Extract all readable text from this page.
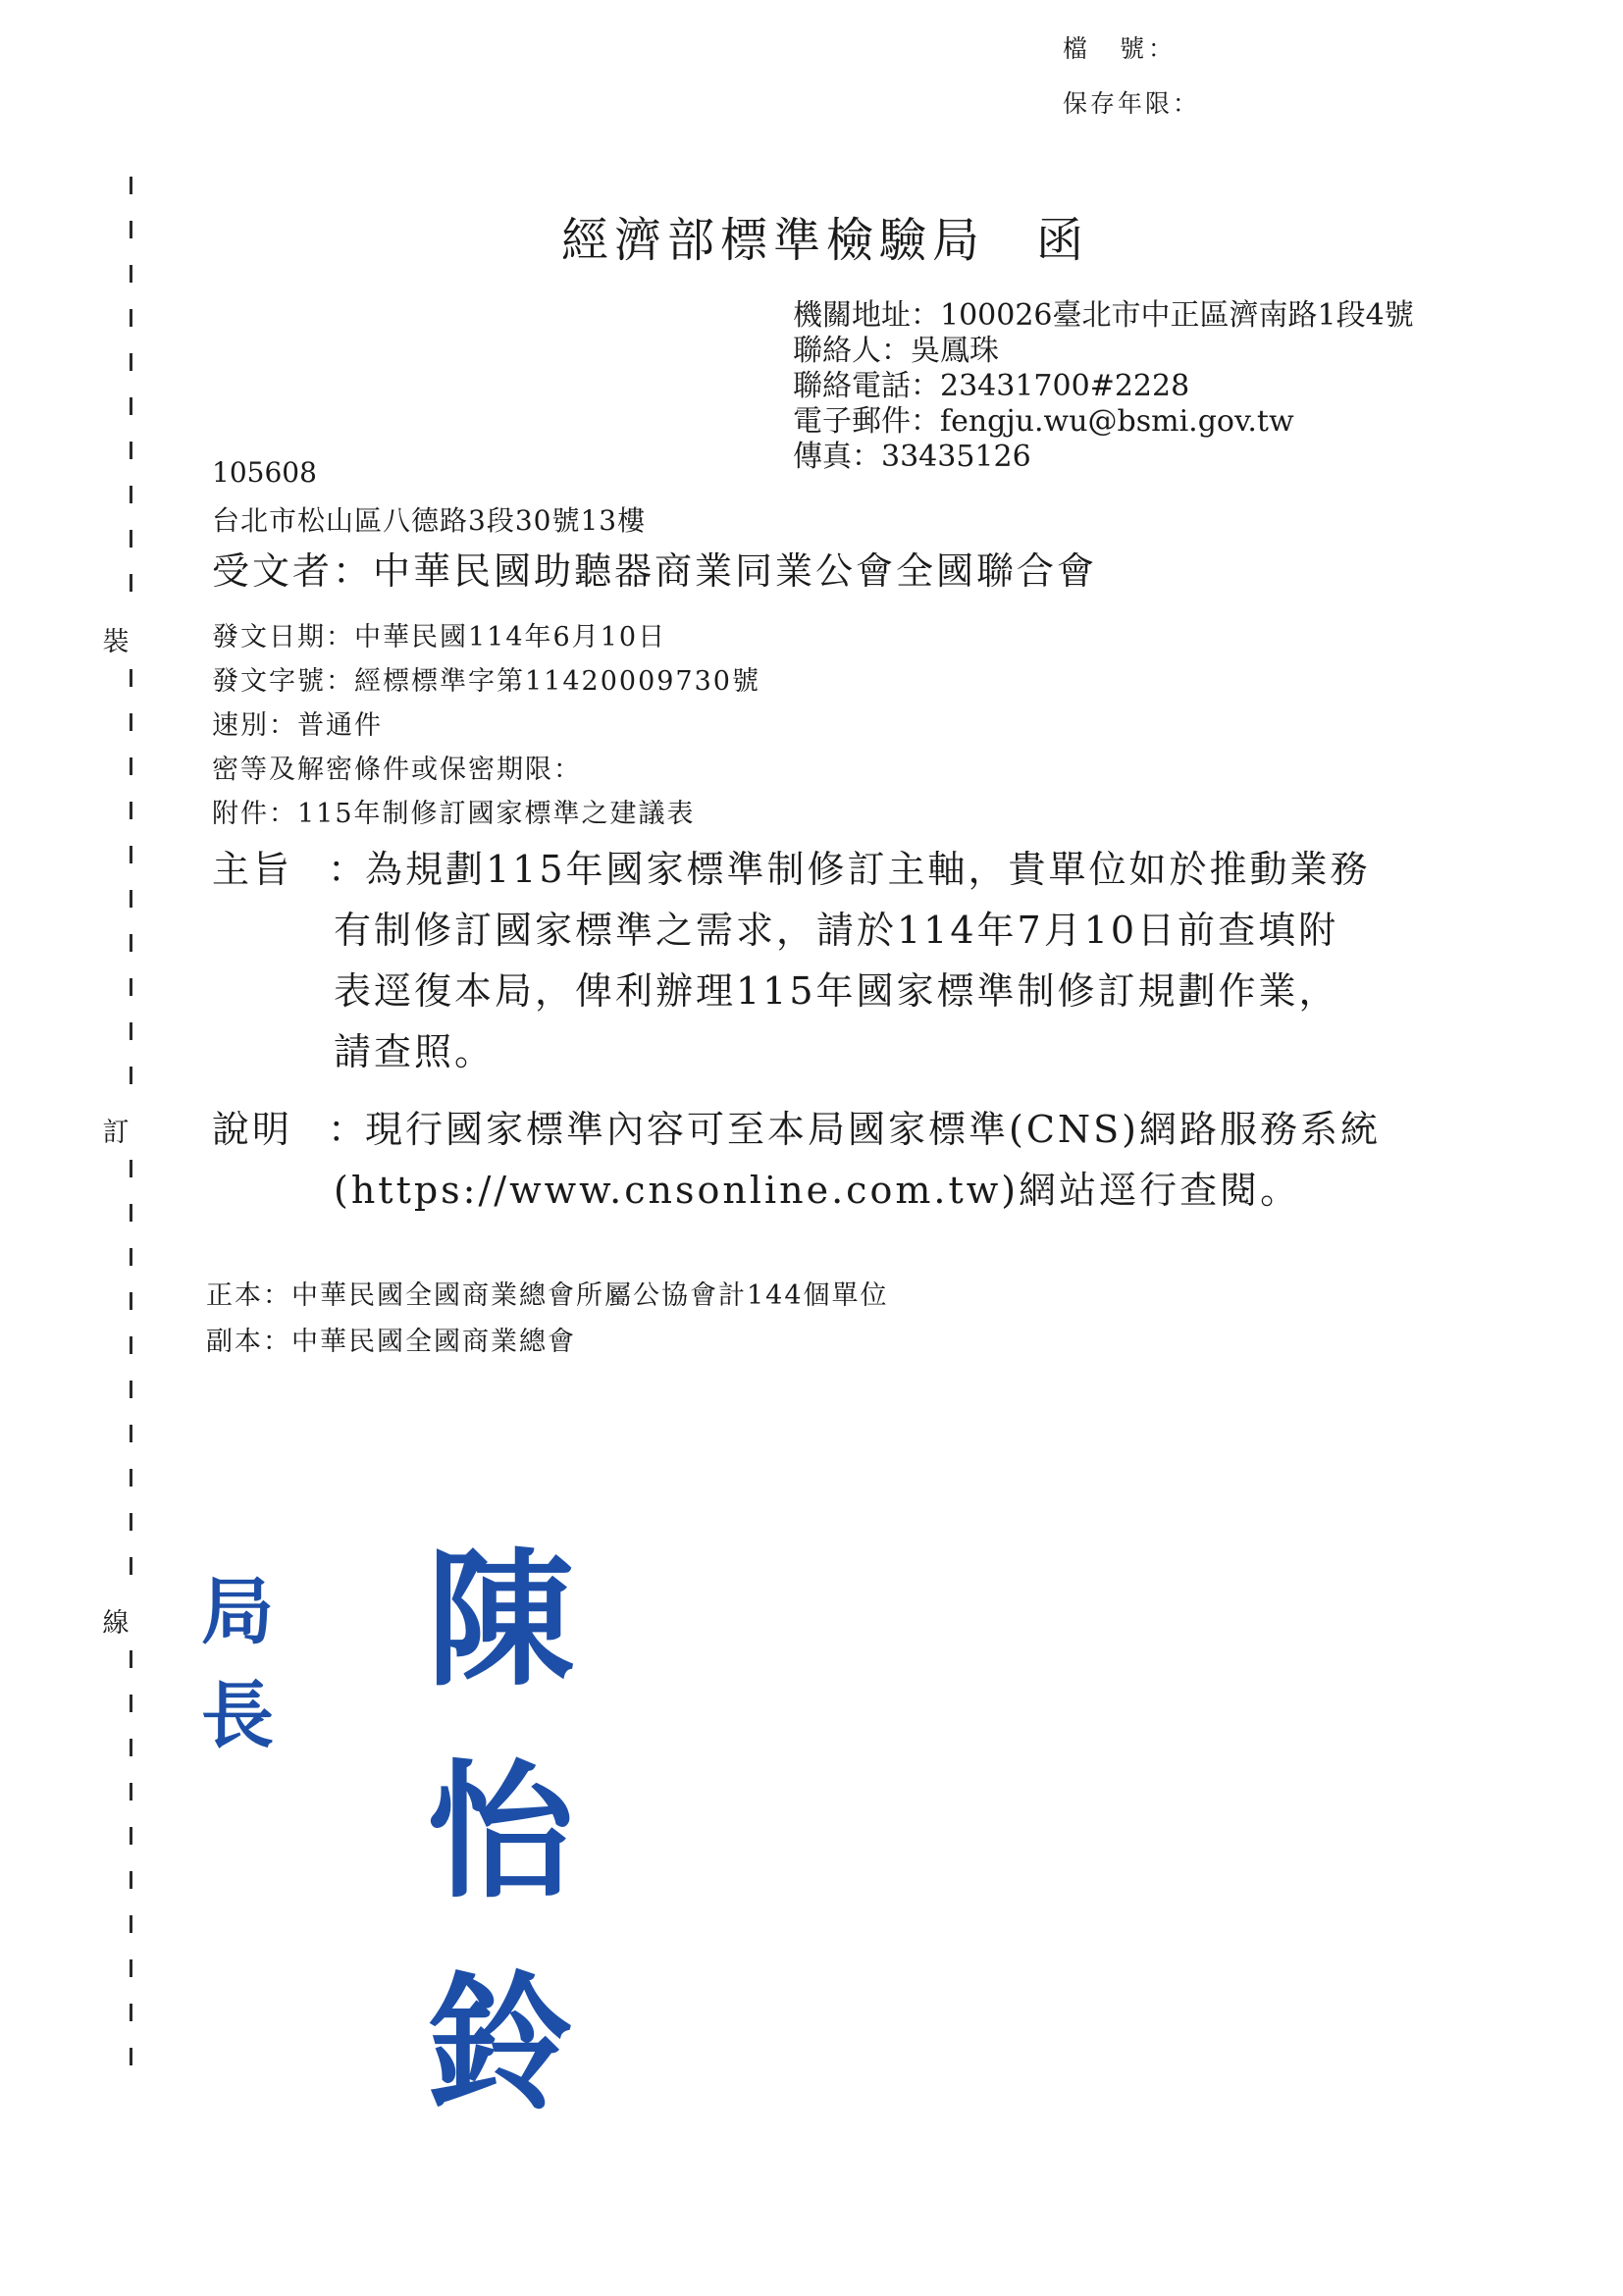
檔　號：
保存年限：
裝
訂
線
經濟部標準檢驗局 函
機關地址：100026臺北市中正區濟南路1段4號
聯絡人：吳鳳珠
聯絡電話：23431700#2228
電子郵件：fengju.wu@bsmi.gov.tw
傳真：33435126
105608
台北市松山區八德路3段30號13樓
受文者：中華民國助聽器商業同業公會全國聯合會
發文日期：中華民國114年6月10日
發文字號：經標標準字第11420009730號
速別：普通件
密等及解密條件或保密期限：
附件：115年制修訂國家標準之建議表
主旨 ：為規劃115年國家標準制修訂主軸，貴單位如於推動業務
有制修訂國家標準之需求，請於114年7月10日前查填附
表逕復本局，俾利辦理115年國家標準制修訂規劃作業，
請查照。
說明 ：現行國家標準內容可至本局國家標準(CNS)網路服務系統
(https://www.cnsonline.com.tw)網站逕行查閱。
正本：中華民國全國商業總會所屬公協會計144個單位
副本：中華民國全國商業總會
局長
陳怡鈴
